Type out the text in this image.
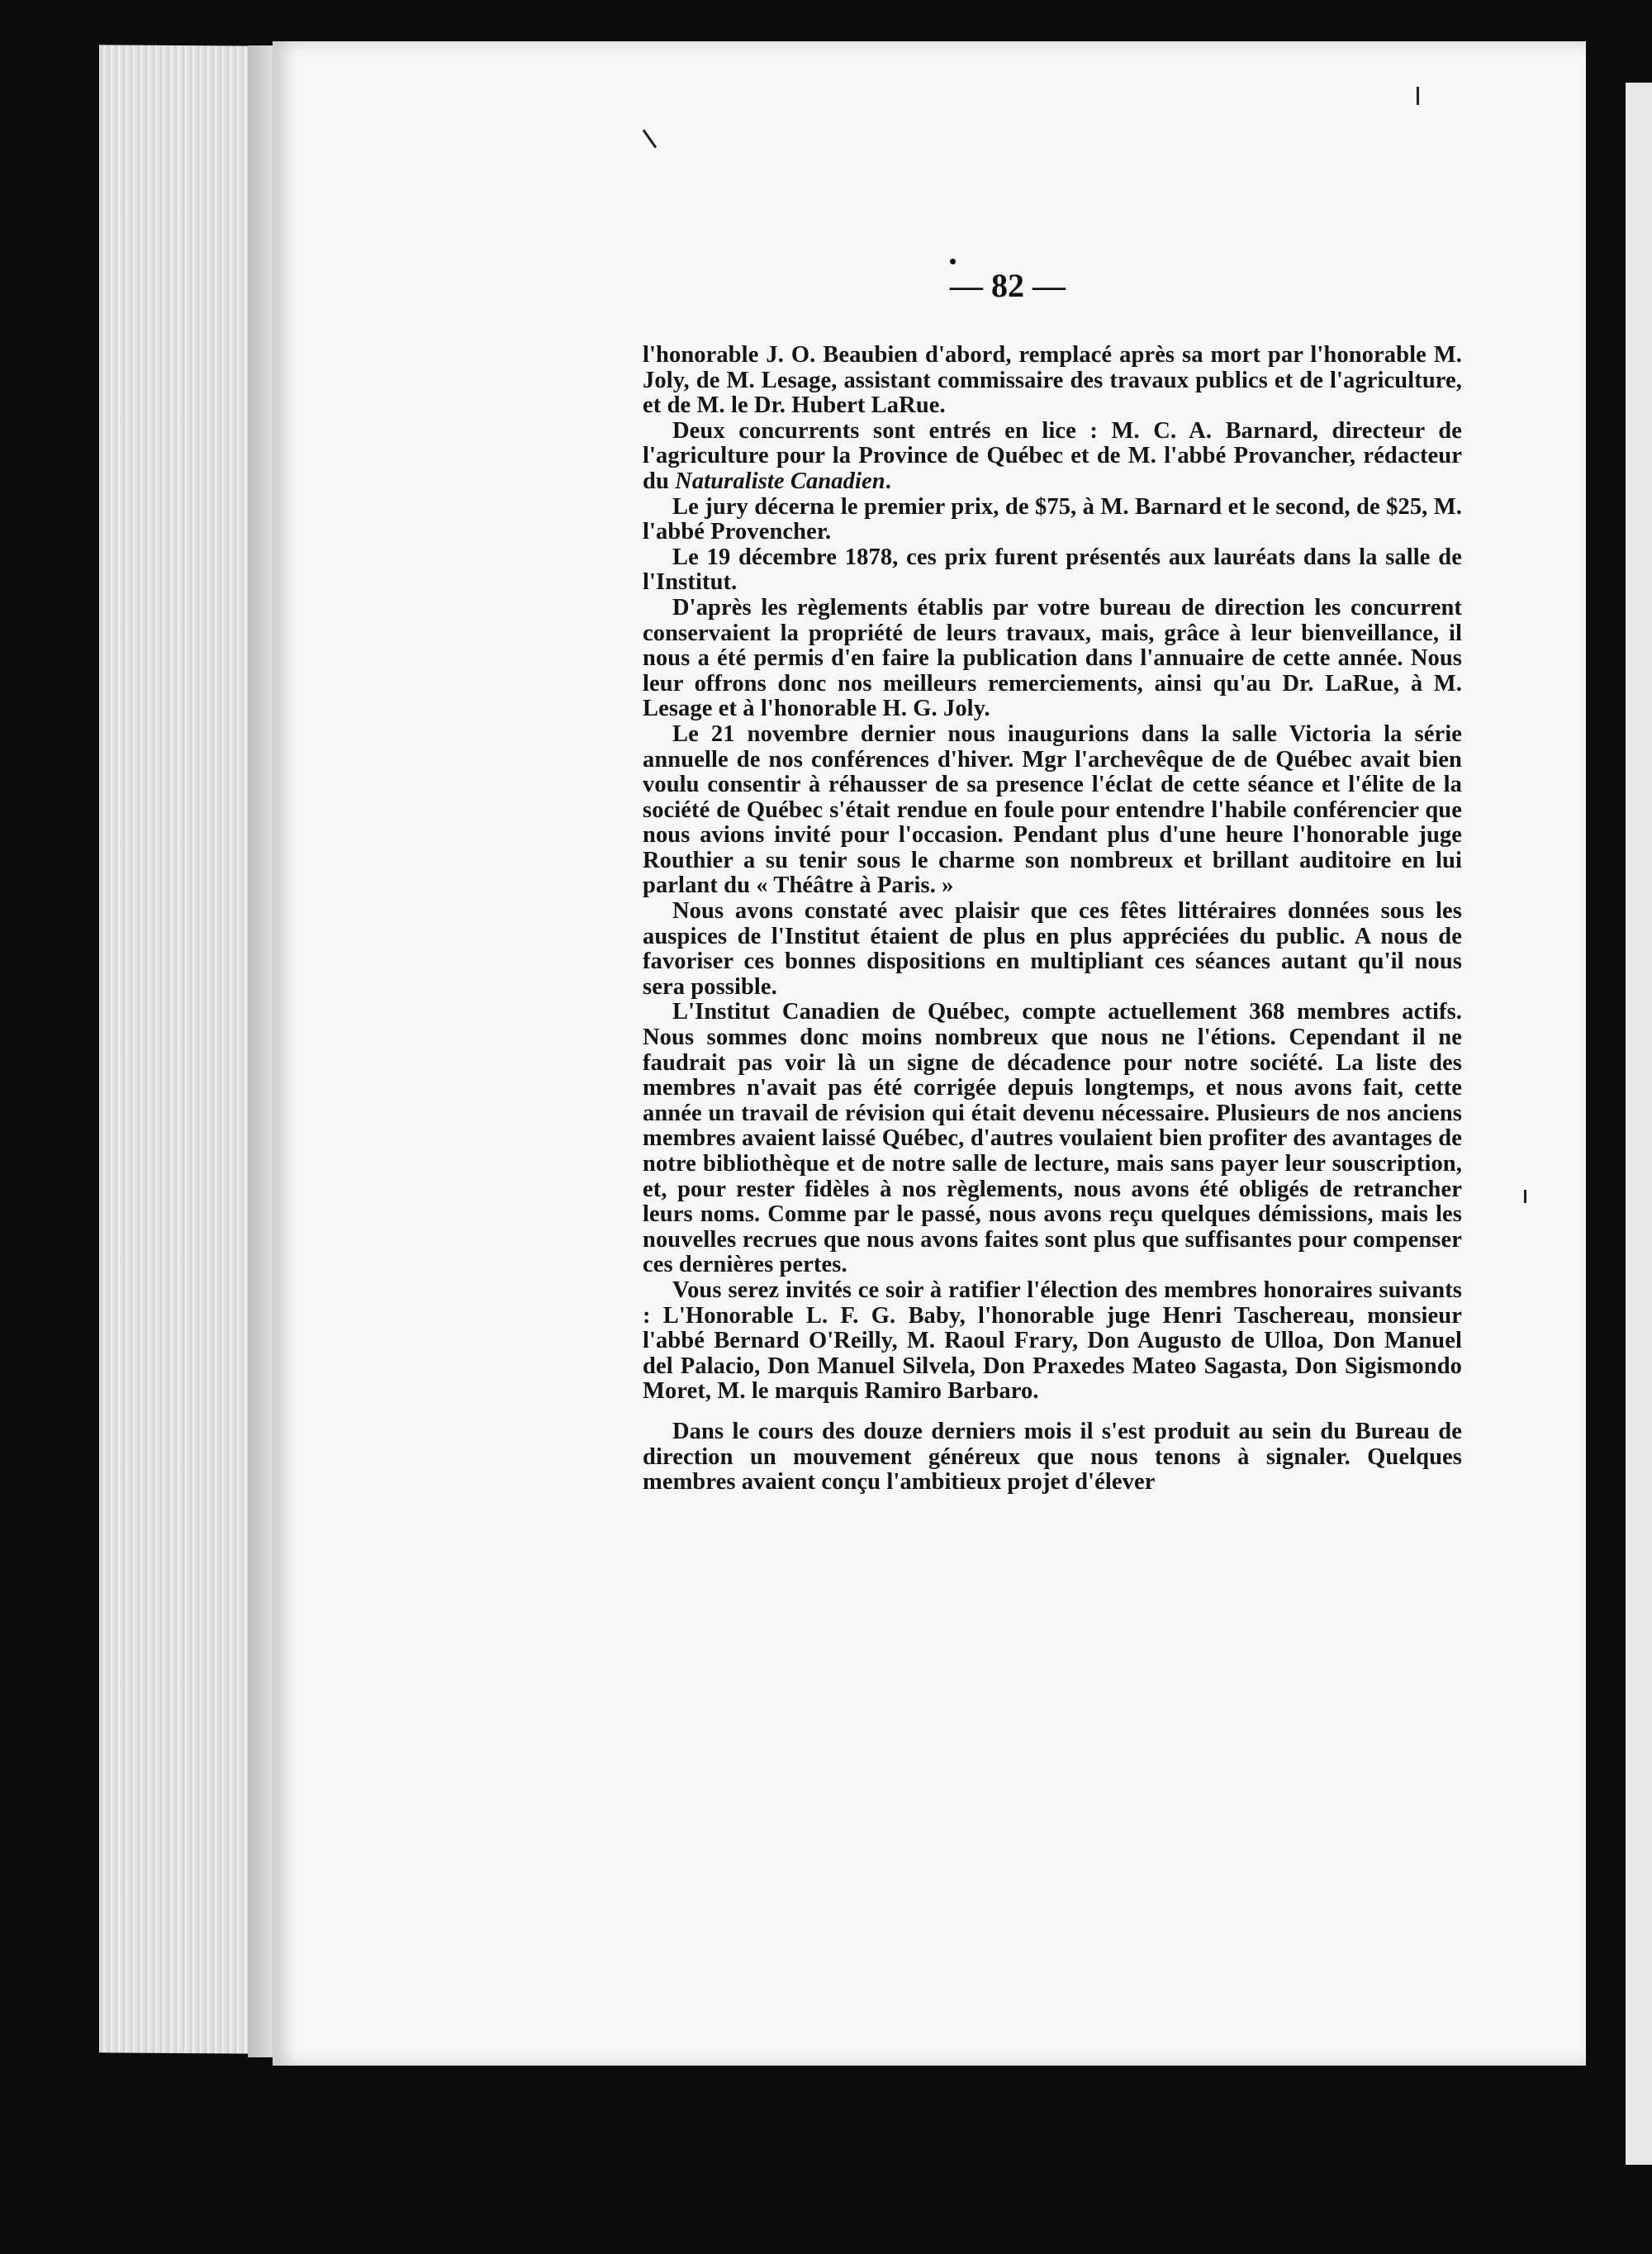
— 82 —

l'honorable J. O. Beaubien d'abord, remplacé après sa mort par l'honorable M. Joly, de M. Lesage, assistant commissaire des travaux publics et de l'agriculture, et de M. le Dr. Hubert LaRue.

Deux concurrents sont entrés en lice : M. C. A. Barnard, directeur de l'agriculture pour la Province de Québec et de M. l'abbé Provancher, rédacteur du Naturaliste Canadien.

Le jury décerna le premier prix, de $75, à M. Barnard et le second, de $25, M. l'abbé Provencher.

Le 19 décembre 1878, ces prix furent présentés aux lauréats dans la salle de l'Institut.

D'après les règlements établis par votre bureau de direction les concurrent conservaient la propriété de leurs travaux, mais, grâce à leur bienveillance, il nous a été permis d'en faire la publication dans l'annuaire de cette année. Nous leur offrons donc nos meilleurs remerciements, ainsi qu'au Dr. LaRue, à M. Lesage et à l'honorable H. G. Joly.

Le 21 novembre dernier nous inaugurions dans la salle Victoria la série annuelle de nos conférences d'hiver. Mgr l'archevêque de de Québec avait bien voulu consentir à réhausser de sa presence l'éclat de cette séance et l'élite de la société de Québec s'était rendue en foule pour entendre l'habile conférencier que nous avions invité pour l'occasion. Pendant plus d'une heure l'honorable juge Routhier a su tenir sous le charme son nombreux et brillant auditoire en lui parlant du « Théâtre à Paris. »

Nous avons constaté avec plaisir que ces fêtes littéraires données sous les auspices de l'Institut étaient de plus en plus appréciées du public. A nous de favoriser ces bonnes dispositions en multipliant ces séances autant qu'il nous sera possible.

L'Institut Canadien de Québec, compte actuellement 368 membres actifs. Nous sommes donc moins nombreux que nous ne l'étions. Cependant il ne faudrait pas voir là un signe de décadence pour notre société. La liste des membres n'avait pas été corrigée depuis longtemps, et nous avons fait, cette année un travail de révision qui était devenu nécessaire. Plusieurs de nos anciens membres avaient laissé Québec, d'autres voulaient bien profiter des avantages de notre bibliothèque et de notre salle de lecture, mais sans payer leur souscription, et, pour rester fidèles à nos règlements, nous avons été obligés de retrancher leurs noms. Comme par le passé, nous avons reçu quelques démissions, mais les nouvelles recrues que nous avons faites sont plus que suffisantes pour compenser ces dernières pertes.

Vous serez invités ce soir à ratifier l'élection des membres honoraires suivants : L'Honorable L. F. G. Baby, l'honorable juge Henri Taschereau, monsieur l'abbé Bernard O'Reilly, M. Raoul Frary, Don Augusto de Ulloa, Don Manuel del Palacio, Don Manuel Silvela, Don Praxedes Mateo Sagasta, Don Sigismondo Moret, M. le marquis Ramiro Barbaro.

Dans le cours des douze derniers mois il s'est produit au sein du Bureau de direction un mouvement généreux que nous tenons à signaler. Quelques membres avaient conçu l'ambitieux projet d'élever
